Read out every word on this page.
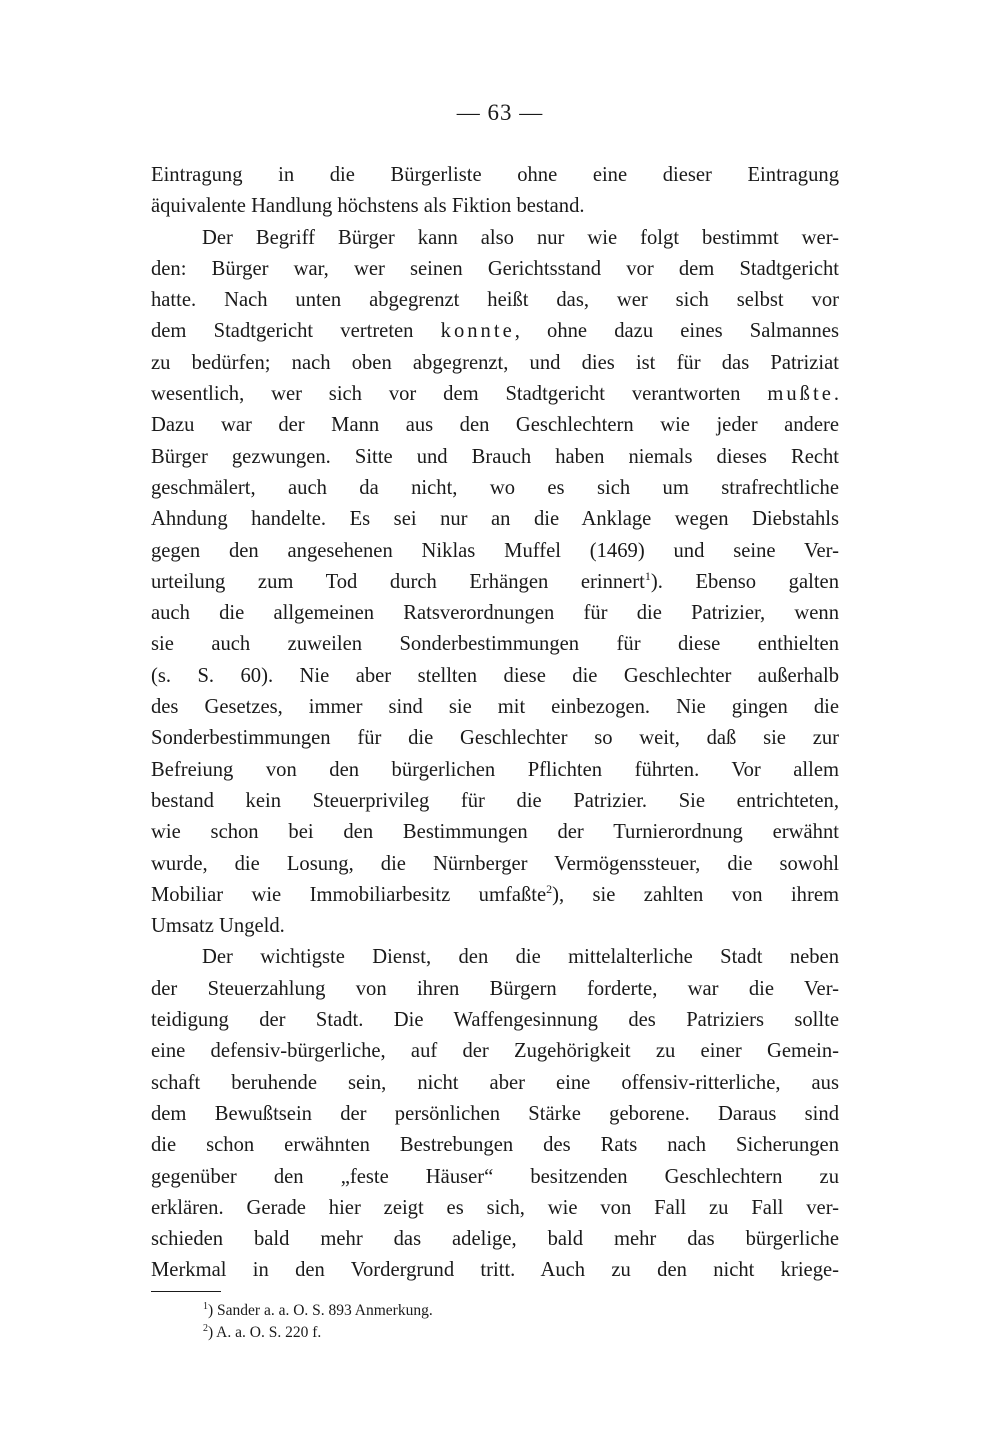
— 63 —
Eintragung in die Bürgerliste ohne eine dieser Eintragung
äquivalente Handlung höchstens als Fiktion bestand.
Der Begriff Bürger kann also nur wie folgt bestimmt wer-
den: Bürger war, wer seinen Gerichtsstand vor dem Stadtgericht
hatte. Nach unten abgegrenzt heißt das, wer sich selbst vor
dem Stadtgericht vertreten konnte, ohne dazu eines Salmannes
zu bedürfen; nach oben abgegrenzt, und dies ist für das Patriziat
wesentlich, wer sich vor dem Stadtgericht verantworten mußte.
Dazu war der Mann aus den Geschlechtern wie jeder andere
Bürger gezwungen. Sitte und Brauch haben niemals dieses Recht
geschmälert, auch da nicht, wo es sich um strafrechtliche
Ahndung handelte. Es sei nur an die Anklage wegen Diebstahls
gegen den angesehenen Niklas Muffel (1469) und seine Ver-
urteilung zum Tod durch Erhängen erinnert$^1$). Ebenso galten
auch die allgemeinen Ratsverordnungen für die Patrizier, wenn
sie auch zuweilen Sonderbestimmungen für diese enthielten
(s. S. 60). Nie aber stellten diese die Geschlechter außerhalb
des Gesetzes, immer sind sie mit einbezogen. Nie gingen die
Sonderbestimmungen für die Geschlechter so weit, daß sie zur
Befreiung von den bürgerlichen Pflichten führten. Vor allem
bestand kein Steuerprivileg für die Patrizier. Sie entrichteten,
wie schon bei den Bestimmungen der Turnierordnung erwähnt
wurde, die Losung, die Nürnberger Vermögenssteuer, die sowohl
Mobiliar wie Immobiliarbesitz umfaßte$^2$), sie zahlten von ihrem
Umsatz Ungeld.
Der wichtigste Dienst, den die mittelalterliche Stadt neben
der Steuerzahlung von ihren Bürgern forderte, war die Ver-
teidigung der Stadt. Die Waffengesinnung des Patriziers sollte
eine defensiv-bürgerliche, auf der Zugehörigkeit zu einer Gemein-
schaft beruhende sein, nicht aber eine offensiv-ritterliche, aus
dem Bewußtsein der persönlichen Stärke geborene. Daraus sind
die schon erwähnten Bestrebungen des Rats nach Sicherungen
gegenüber den „feste Häuser“ besitzenden Geschlechtern zu
erklären. Gerade hier zeigt es sich, wie von Fall zu Fall ver-
schieden bald mehr das adelige, bald mehr das bürgerliche
Merkmal in den Vordergrund tritt. Auch zu den nicht kriege-
$^1$) Sander a. a. O. S. 893 Anmerkung.
$^2$) A. a. O. S. 220 f.
